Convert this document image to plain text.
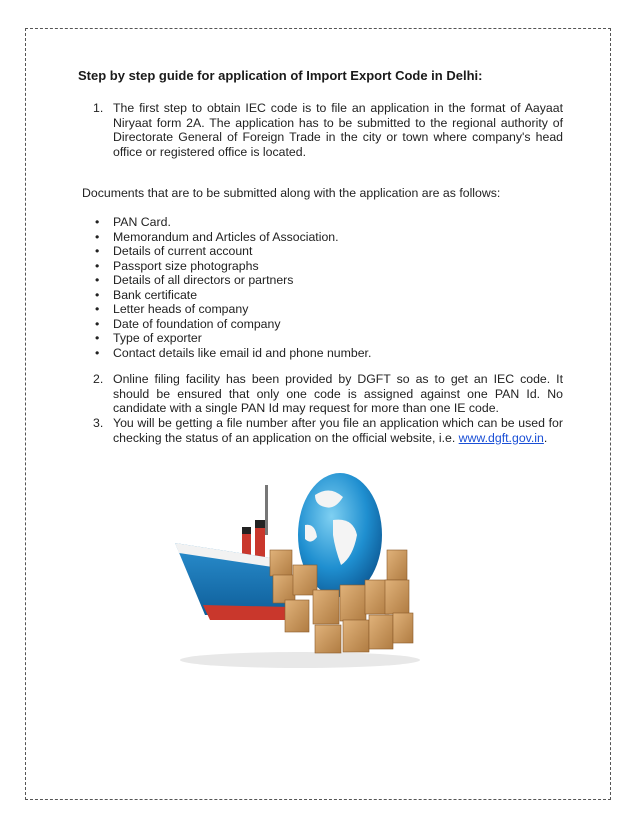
Step by step guide for application of Import Export Code in Delhi:
1. The first step to obtain IEC code is to file an application in the format of Aayaat Niryaat form 2A. The application has to be submitted to the regional authority of Directorate General of Foreign Trade in the city or town where company's head office or registered office is located.
Documents that are to be submitted along with the application are as follows:
• PAN Card.
• Memorandum and Articles of Association.
• Details of current account
• Passport size photographs
• Details of all directors or partners
• Bank certificate
• Letter heads of company
• Date of foundation of company
• Type of exporter
• Contact details like email id and phone number.
2. Online filing facility has been provided by DGFT so as to get an IEC code. It should be ensured that only one code is assigned against one PAN Id. No candidate with a single PAN Id may request for more than one IE code.
3. You will be getting a file number after you file an application which can be used for checking the status of an application on the official website, i.e. www.dgft.gov.in.
